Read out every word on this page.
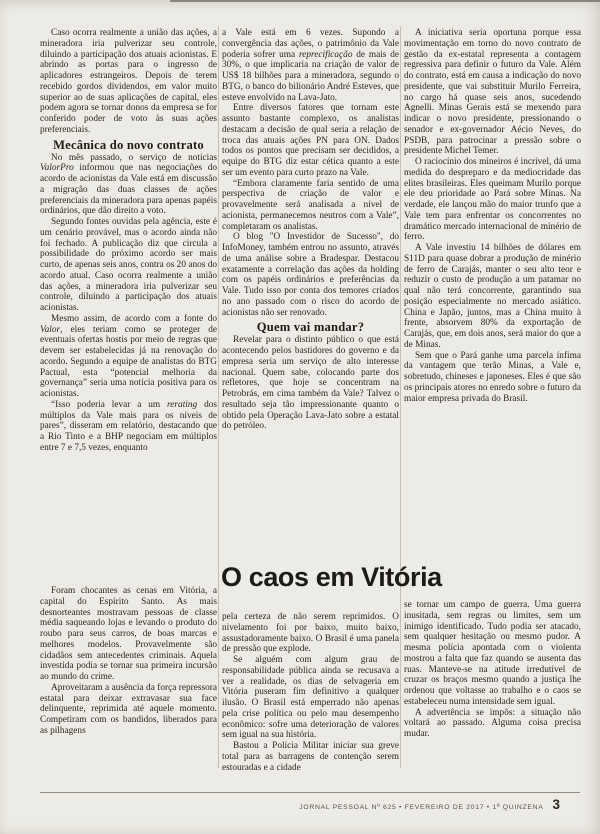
Caso ocorra realmente a união das ações, a mineradora iria pulverizar seu controle, diluindo a participação dos atuais acionistas. E abrindo as portas para o ingresso de aplicadores estrangeiros. Depois de terem recebido gordos dividendos, em valor muito superior ao de suas aplicações de capital, eles podem agora se tornar donos da empresa se for conferido poder de voto às suas ações preferenciais.

Mecânica do novo contrato

No mês passado, o serviço de notícias ValorPro informou que nas negociações do acordo de acionistas da Vale está em discussão a migração das duas classes de ações preferenciais da mineradora para apenas papéis ordinários, que dão direito a voto.

Segundo fontes ouvidas pela agência, este é um cenário provável, mas o acordo ainda não foi fechado. A publicação diz que circula a possibilidade do próximo acordo ser mais curto, de apenas seis anos, contra os 20 anos do acordo atual. Caso ocorra realmente a união das ações, a mineradora iria pulverizar seu controle, diluindo a participação dos atuais acionistas.

Mesmo assim, de acordo com a fonte do Valor, eles teriam como se proteger de eventuais ofertas hostis por meio de regras que devem ser estabelecidas já na renovação do acordo. Segundo a equipe de analistas do BTG Pactual, esta “potencial melhoria da governança” seria uma notícia positiva para os acionistas.

“Isso poderia levar a um rerating dos múltiplos da Vale mais para os níveis de pares”, disseram em relatório, destacando que a Rio Tinto e a BHP negociam em múltiplos entre 7 e 7,5 vezes, enquanto

a Vale está em 6 vezes. Supondo a convergência das ações, o patrimônio da Vale poderia sofrer uma reprecificação de mais de 30%, o que implicaria na criação de valor de US$ 18 bilhões para a mineradora, segundo o BTG, o banco do bilionário André Esteves, que esteve envolvido na Lava-Jato.

Entre diversos fatores que tornam este assunto bastante complexo, os analistas destacam a decisão de qual seria a relação de troca das atuais ações PN para ON. Dados todos os pontos que precisam ser decididos, a equipe do BTG diz estar cética quanto a este ser um evento para curto prazo na Vale.

“Embora claramente faria sentido de uma perspectiva de criação de valor e provavelmente será analisada a nível de acionista, permanecemos neutros com a Vale”, completaram os analistas.

O blog "O Investidor de Sucesso", do InfoMoney, também entrou no assunto, através de uma análise sobre a Bradespar. Destacou exatamente a correlação das ações da holding com os papéis ordinários e preferências da Vale. Tudo isso por conta dos temores criados no ano passado com o risco do acordo de acionistas não ser renovado.

Quem vai mandar?

Revelar para o distinto público o que está acontecendo pelos bastidores do governo e da empresa seria um serviço de alto interesse nacional. Quem sabe, colocando parte dos refletores, que hoje se concentram na Petrobrás, em cima também da Vale? Talvez o resultado seja tão impressionante quanto o obtido pela Operação Lava-Jato sobre a estatal do petróleo.

A iniciativa seria oportuna porque essa movimentação em torno do novo contrato de gestão da ex-estatal representa a contagem regressiva para definir o futuro da Vale. Além do contrato, está em causa a indicação do novo presidente, que vai substituir Murilo Ferreira, no cargo há quase seis anos, sucedendo Agnelli. Minas Gerais está se mexendo para indicar o novo presidente, pressionando o senador e ex-governador Aécio Neves, do PSDB, para patrocinar a pressão sobre o presidente Michel Temer.

O raciocínio dos mineiros é incrível, dá uma medida do despreparo e da mediocridade das elites brasileiras. Eles queimam Murilo porque ele deu prioridade ao Pará sobre Minas. Na verdade, ele lançou mão do maior trunfo que a Vale tem para enfrentar os concorrentes no dramático mercado internacional de minério de ferro.

A Vale investiu 14 bilhões de dólares em S11D para quase dobrar a produção de minério de ferro de Carajás, manter o seu alto teor e reduzir o custo de produção a um patamar no qual não terá concorrente, garantindo sua posição especialmente no mercado asiático. China e Japão, juntos, mas a China muito à frente, absorvem 80% da exportação de Carajás, que, em dois anos, será maior do que a de Minas.

Sem que o Pará ganhe uma parcela ínfima da vantagem que terão Minas, a Vale e, sobretudo, chineses e japoneses. Eles é que são os principais atores no enredo sobre o futuro da maior empresa privada do Brasil.

O caos em Vitória

Foram chocantes as cenas em Vitória, a capital do Espírito Santo. As mais desnorteantes mostravam pessoas de classe média saqueando lojas e levando o produto do roubo para seus carros, de boas marcas e melhores modelos. Provavelmente são cidadãos sem antecedentes criminais. Aquela investida podia se tornar sua primeira incursão ao mundo do crime.

Aproveitaram a ausência da força repressora estatal para deixar extravasar sua face delinquente, reprimida até aquele momento. Competiram com os bandidos, liberados para as pilhagens

pela certeza de não serem reprimidos. O nivelamento foi por baixo, muito baixo, assustadoramente baixo. O Brasil é uma panela de pressão que explode.

Se alguém com algum grau de responsabilidade pública ainda se recusava a ver a realidade, os dias de selvageria em Vitória puseram fim definitivo a qualquer ilusão. O Brasil está emperrado não apenas pela crise política ou pelo mau desempenho econômico: sofre uma deterioração de valores sem igual na sua história.

Bastou a Polícia Militar iniciar sua greve total para as barragens de contenção serem estouradas e a cidade

se tornar um campo de guerra. Uma guerra inusitada, sem regras ou limites, sem um inimigo identificado. Tudo podia ser atacado, sem qualquer hesitação ou mesmo pudor. A mesma polícia apontada com o violenta mostrou a falta que faz quando se ausenta das ruas. Manteve-se na atitude irredutível de cruzar os braços mesmo quando a justiça lhe ordenou que voltasse ao trabalho e o caos se estabeleceu numa intensidade sem igual.

A advertência se impôs: a situação não voltará ao passado. Alguma coisa precisa mudar.

JORNAL PESSOAL Nº 625 • FEVEREIRO DE 2017 • 1ª QUINZENA 3
